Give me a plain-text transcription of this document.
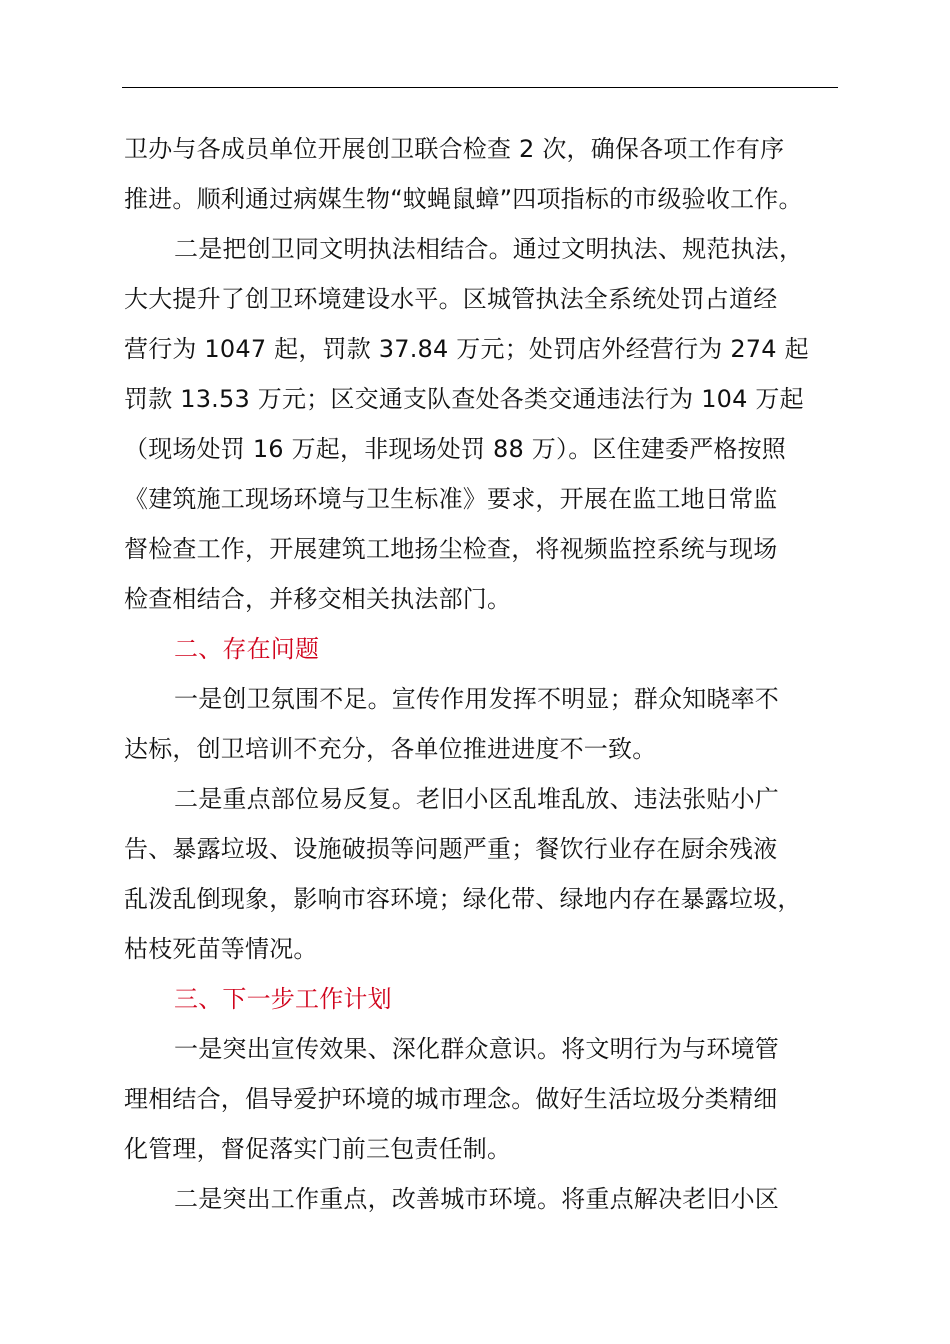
卫办与各成员单位开展创卫联合检查 2 次，确保各项工作有序
推进。顺利通过病媒生物“蚊蝇鼠蟑”四项指标的市级验收工作。
二是把创卫同文明执法相结合。通过文明执法、规范执法，
大大提升了创卫环境建设水平。区城管执法全系统处罚占道经
营行为 1047 起，罚款 37.84 万元；处罚店外经营行为 274 起
罚款 13.53 万元；区交通支队查处各类交通违法行为 104 万起
（现场处罚 16 万起，非现场处罚 88 万）。区住建委严格按照
《建筑施工现场环境与卫生标准》要求，开展在监工地日常监
督检查工作，开展建筑工地扬尘检查，将视频监控系统与现场
检查相结合，并移交相关执法部门。
二、存在问题
一是创卫氛围不足。宣传作用发挥不明显；群众知晓率不
达标，创卫培训不充分，各单位推进进度不一致。
二是重点部位易反复。老旧小区乱堆乱放、违法张贴小广
告、暴露垃圾、设施破损等问题严重；餐饮行业存在厨余残液
乱泼乱倒现象，影响市容环境；绿化带、绿地内存在暴露垃圾，
枯枝死苗等情况。
三、下一步工作计划
一是突出宣传效果、深化群众意识。将文明行为与环境管
理相结合，倡导爱护环境的城市理念。做好生活垃圾分类精细
化管理，督促落实门前三包责任制。
二是突出工作重点，改善城市环境。将重点解决老旧小区
